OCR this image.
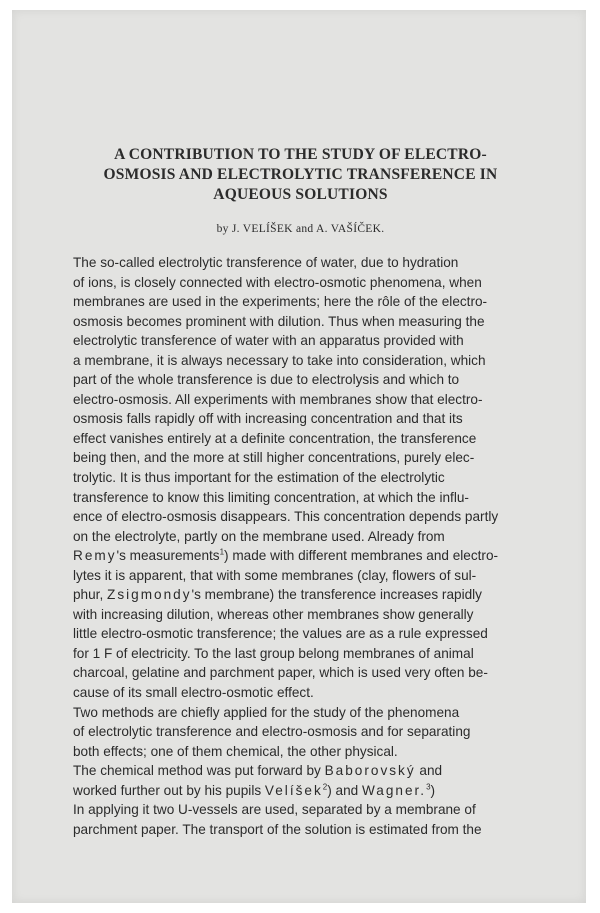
A CONTRIBUTION TO THE STUDY OF ELECTRO-
OSMOSIS AND ELECTROLYTIC TRANSFERENCE IN
AQUEOUS SOLUTIONS
by J. VELÍŠEK and A. VAŠÍČEK.

The so-called electrolytic transference of water, due to hydration
of ions, is closely connected with electro-osmotic phenomena, when
membranes are used in the experiments; here the rôle of the electro-
osmosis becomes prominent with dilution. Thus when measuring the
electrolytic transference of water with an apparatus provided with
a membrane, it is always necessary to take into consideration, which
part of the whole transference is due to electrolysis and which to
electro-osmosis. All experiments with membranes show that electro-
osmosis falls rapidly off with increasing concentration and that its
effect vanishes entirely at a definite concentration, the transference
being then, and the more at still higher concentrations, purely elec-
trolytic. It is thus important for the estimation of the electrolytic
transference to know this limiting concentration, at which the influ-
ence of electro-osmosis disappears. This concentration depends partly
on the electrolyte, partly on the membrane used. Already from
Remy's measurements$^1$) made with different membranes and electro-
lytes it is apparent, that with some membranes (clay, flowers of sul-
phur, Zsigmondy's membrane) the transference increases rapidly
with increasing dilution, whereas other membranes show generally
little electro-osmotic transference; the values are as a rule expressed
for 1 F of electricity. To the last group belong membranes of animal
charcoal, gelatine and parchment paper, which is used very often be-
cause of its small electro-osmotic effect.

Two methods are chiefly applied for the study of the phenomena
of electrolytic transference and electro-osmosis and for separating
both effects; one of them chemical, the other physical.

The chemical method was put forward by Baborovský and
worked further out by his pupils Velíšek$^2$) and Wagner.$^3$)
In applying it two U-vessels are used, separated by a membrane of
parchment paper. The transport of the solution is estimated from the
